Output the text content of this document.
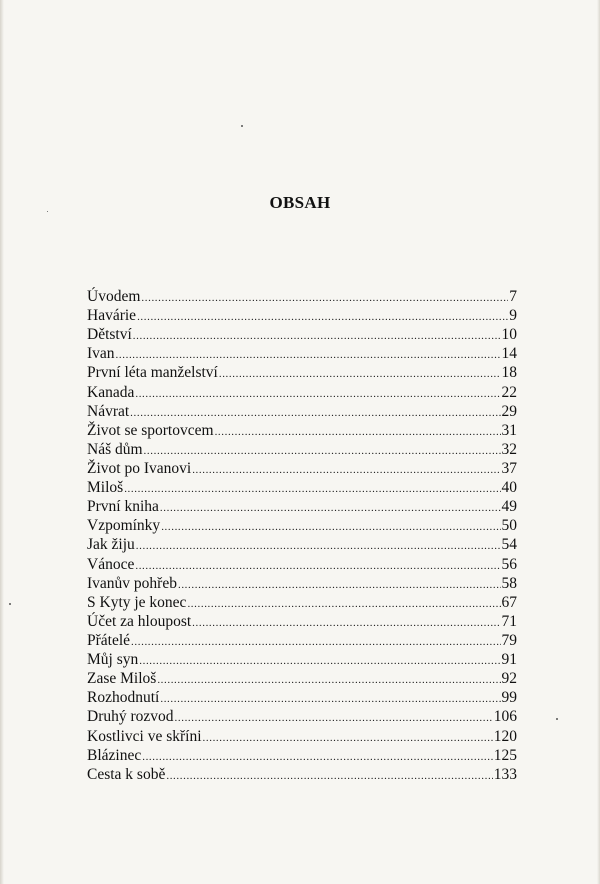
OBSAH
Úvodem .....	7
Havárie .....	9
Dětství .....	10
Ivan .....	14
První léta manželství .....	18
Kanada .....	22
Návrat .....	29
Život se sportovcem .....	31
Náš dům .....	32
Život po Ivanovi .....	37
Miloš .....	40
První kniha .....	49
Vzpomínky .....	50
Jak žiju .....	54
Vánoce .....	56
Ivanův pohřeb .....	58
S Kyty je konec .....	67
Účet za hloupost .....	71
Přátelé .....	79
Můj syn .....	91
Zase Miloš .....	92
Rozhodnutí .....	99
Druhý rozvod .....	106
Kostlivci ve skříni .....	120
Blázinec .....	125
Cesta k sobě .....	133
